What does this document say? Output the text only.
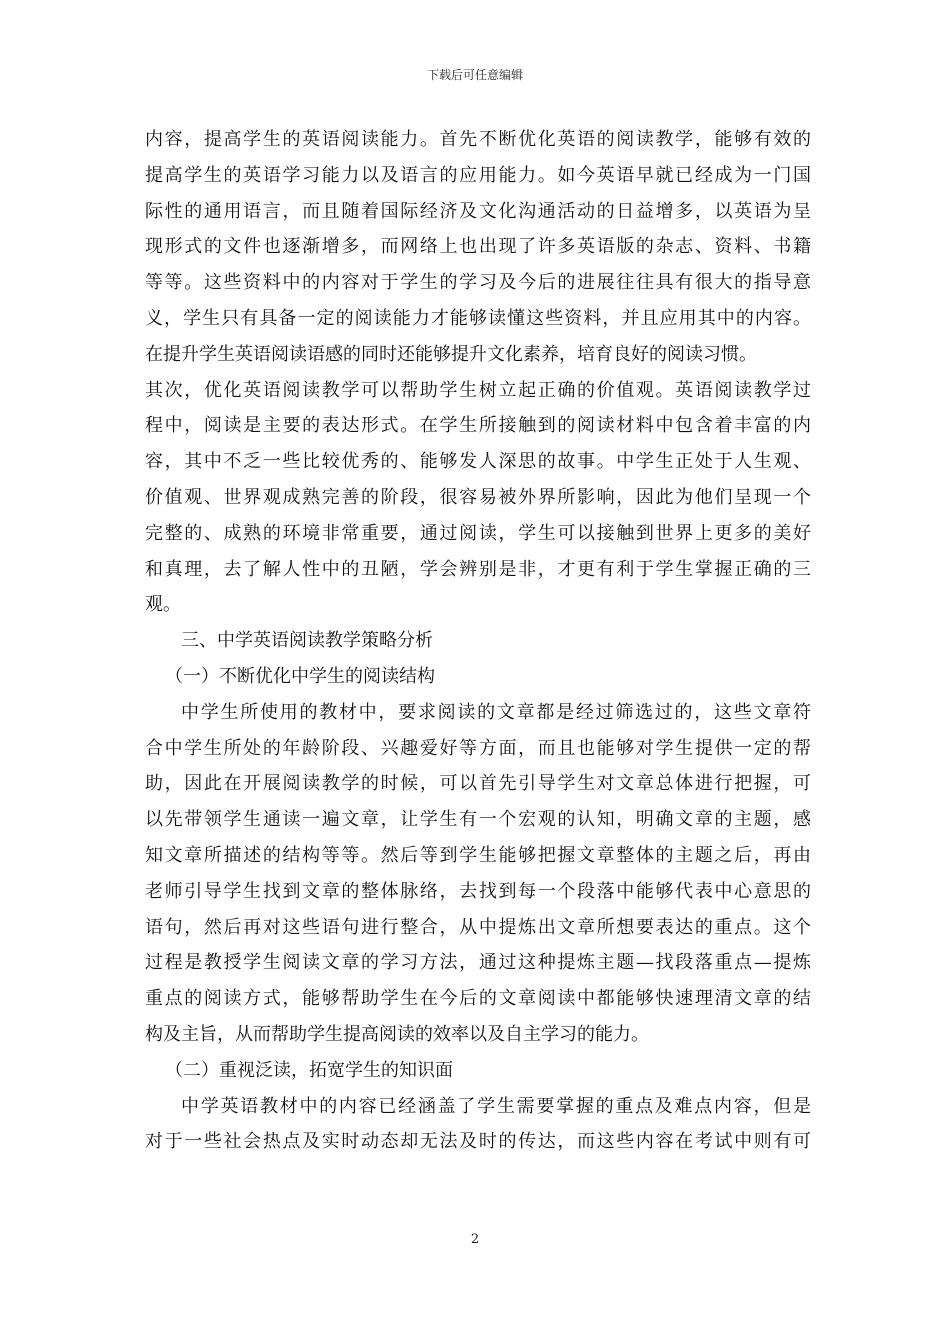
下载后可任意编辑
内容，提高学生的英语阅读能力。首先不断优化英语的阅读教学，能够有效的
提高学生的英语学习能力以及语言的应用能力。如今英语早就已经成为一门国
际性的通用语言，而且随着国际经济及文化沟通活动的日益增多，以英语为呈
现形式的文件也逐渐增多，而网络上也出现了许多英语版的杂志、资料、书籍
等等。这些资料中的内容对于学生的学习及今后的进展往往具有很大的指导意
义，学生只有具备一定的阅读能力才能够读懂这些资料，并且应用其中的内容。
在提升学生英语阅读语感的同时还能够提升文化素养，培育良好的阅读习惯。
其次，优化英语阅读教学可以帮助学生树立起正确的价值观。英语阅读教学过
程中，阅读是主要的表达形式。在学生所接触到的阅读材料中包含着丰富的内
容，其中不乏一些比较优秀的、能够发人深思的故事。中学生正处于人生观、
价值观、世界观成熟完善的阶段，很容易被外界所影响，因此为他们呈现一个
完整的、成熟的环境非常重要，通过阅读，学生可以接触到世界上更多的美好
和真理，去了解人性中的丑陋，学会辨别是非，才更有利于学生掌握正确的三
观。
三、中学英语阅读教学策略分析
（一）不断优化中学生的阅读结构
中学生所使用的教材中，要求阅读的文章都是经过筛选过的，这些文章符
合中学生所处的年龄阶段、兴趣爱好等方面，而且也能够对学生提供一定的帮
助，因此在开展阅读教学的时候，可以首先引导学生对文章总体进行把握，可
以先带领学生通读一遍文章，让学生有一个宏观的认知，明确文章的主题，感
知文章所描述的结构等等。然后等到学生能够把握文章整体的主题之后，再由
老师引导学生找到文章的整体脉络，去找到每一个段落中能够代表中心意思的
语句，然后再对这些语句进行整合，从中提炼出文章所想要表达的重点。这个
过程是教授学生阅读文章的学习方法，通过这种提炼主题—找段落重点—提炼
重点的阅读方式，能够帮助学生在今后的文章阅读中都能够快速理清文章的结
构及主旨，从而帮助学生提高阅读的效率以及自主学习的能力。
（二）重视泛读，拓宽学生的知识面
中学英语教材中的内容已经涵盖了学生需要掌握的重点及难点内容，但是
对于一些社会热点及实时动态却无法及时的传达，而这些内容在考试中则有可
2
